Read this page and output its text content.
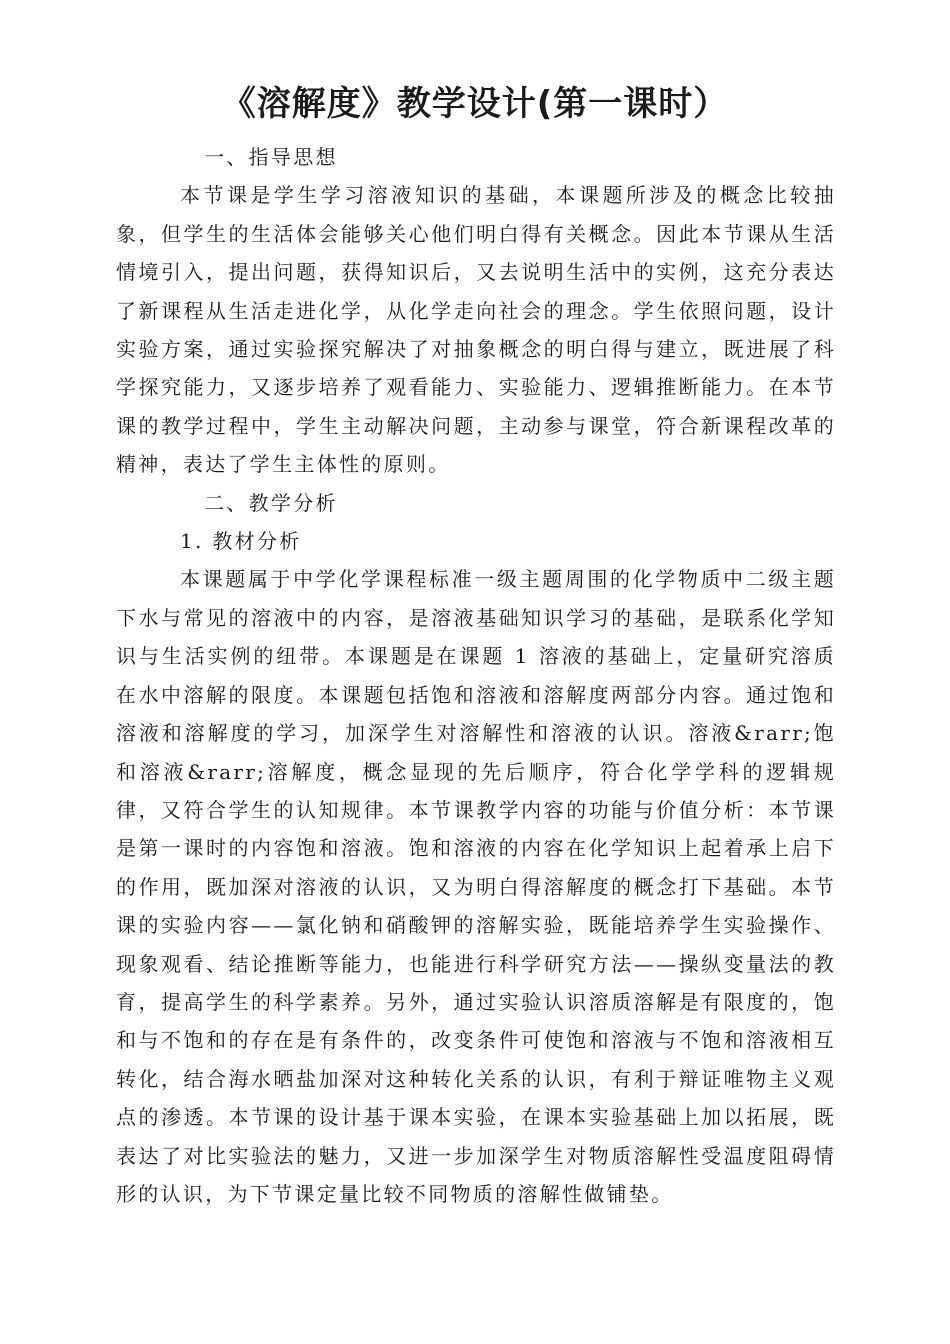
《溶解度》教学设计(第一课时）

一、指导思想

本节课是学生学习溶液知识的基础，本课题所涉及的概念比较抽象，但学生的生活体会能够关心他们明白得有关概念。因此本节课从生活情境引入，提出问题，获得知识后，又去说明生活中的实例，这充分表达了新课程从生活走进化学，从化学走向社会的理念。学生依照问题，设计实验方案，通过实验探究解决了对抽象概念的明白得与建立，既进展了科学探究能力，又逐步培养了观看能力、实验能力、逻辑推断能力。在本节课的教学过程中，学生主动解决问题，主动参与课堂，符合新课程改革的精神，表达了学生主体性的原则。

二、教学分析

1. 教材分析

本课题属于中学化学课程标准一级主题周围的化学物质中二级主题下水与常见的溶液中的内容，是溶液基础知识学习的基础，是联系化学知识与生活实例的纽带。本课题是在课题 1 溶液的基础上，定量研究溶质在水中溶解的限度。本课题包括饱和溶液和溶解度两部分内容。通过饱和溶液和溶解度的学习，加深学生对溶解性和溶液的认识。溶液&rarr;饱和溶液&rarr;溶解度，概念显现的先后顺序，符合化学学科的逻辑规律，又符合学生的认知规律。本节课教学内容的功能与价值分析：本节课是第一课时的内容饱和溶液。饱和溶液的内容在化学知识上起着承上启下的作用，既加深对溶液的认识，又为明白得溶解度的概念打下基础。本节课的实验内容——氯化钠和硝酸钾的溶解实验，既能培养学生实验操作、现象观看、结论推断等能力，也能进行科学研究方法——操纵变量法的教育，提高学生的科学素养。另外，通过实验认识溶质溶解是有限度的，饱和与不饱和的存在是有条件的，改变条件可使饱和溶液与不饱和溶液相互转化，结合海水晒盐加深对这种转化关系的认识，有利于辩证唯物主义观点的渗透。本节课的设计基于课本实验，在课本实验基础上加以拓展，既表达了对比实验法的魅力，又进一步加深学生对物质溶解性受温度阻碍情形的认识，为下节课定量比较不同物质的溶解性做铺垫。
